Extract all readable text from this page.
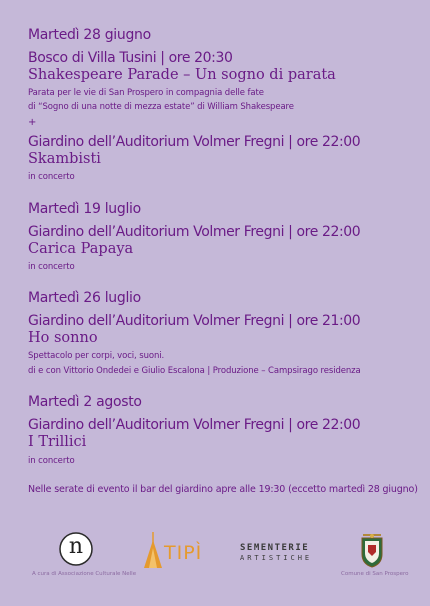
Martedì 28 giugno
Bosco di Villa Tusini | ore 20:30
Shakespeare Parade – Un sogno di parata
Parata per le vie di San Prospero in compagnia delle fate
di “Sogno di una notte di mezza estate” di William Shakespeare
+
Giardino dell’Auditorium Volmer Fregni | ore 22:00
Skambisti
in concerto
Martedì 19 luglio
Giardino dell’Auditorium Volmer Fregni | ore 22:00
Carica Papaya
in concerto
Martedì 26 luglio
Giardino dell’Auditorium Volmer Fregni | ore 21:00
Ho sonno
Spettacolo per corpi, voci, suoni.
di e con Vittorio Ondedei e Giulio Escalona | Produzione – Campsirago residenza
Martedì 2 agosto
Giardino dell’Auditorium Volmer Fregni | ore 22:00
I Trillici
in concerto
Nelle serate di evento il bar del giardino apre alle 19:30 (eccetto martedì 28 giugno)
n
A cura di Associazione Culturale Nelle
TIPÌ	SEMENTERIE
ARTISTICHE
Comune di San Prospero
